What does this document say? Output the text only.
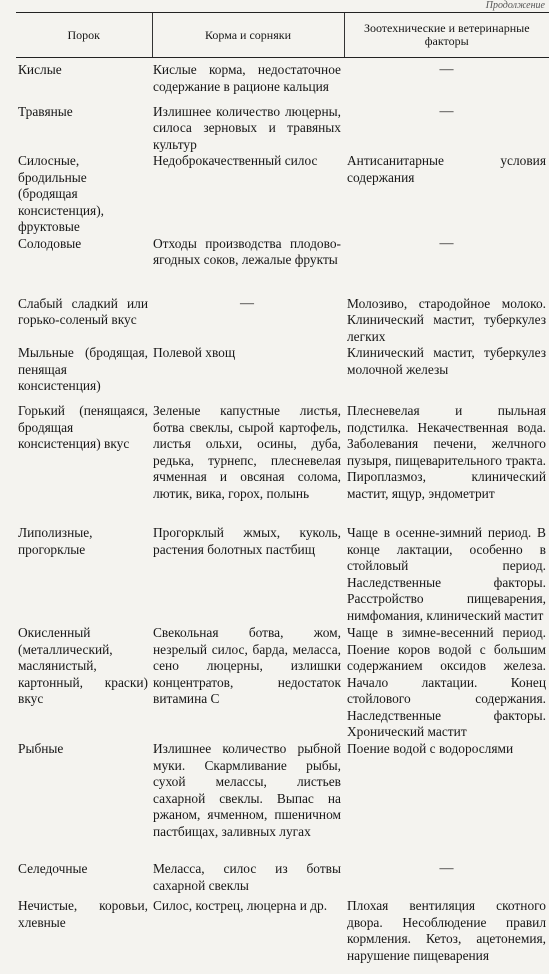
Продолжение
Порок	Корма и сорняки	Зоотехнические и ветеринарные факторы
Кислые	Кислые корма, недостаточное содержание в рационе кальция	—

Травяные	Излишнее количество люцерны, силоса зерновых и травяных культур	—

Силосные, бродильные (бродящая консистенция), фруктовые	Недоброкачественный силос	Антисанитарные условия содержания
Солодовые	Отходы производства плодово-ягодных соков, лежалые фрукты	—

Слабый сладкий или горько-соленый вкус	—	Молозиво, стародойное молоко. Клинический мастит, туберкулез легких
Мыльные (бродящая, пенящая консистенция)	Полевой хвощ	Клинический мастит, туберкулез молочной железы
Горький (пенящаяся, бродящая консистенция) вкус	Зеленые капустные листья, ботва свеклы, сырой картофель, листья ольхи, осины, дуба, редька, турнепс, плесневелая ячменная и овсяная солома, лютик, вика, горох, полынь	Плесневелая и пыльная подстилка. Некачественная вода. Заболевания печени, желчного пузыря, пищеварительного тракта. Пироплазмоз, клинический мастит, ящур, эндометрит
Липолизные, прогорклые	Прогорклый жмых, куколь, растения болотных пастбищ	Чаще в осенне-зимний период. В конце лактации, особенно в стойловый период. Наследственные факторы. Расстройство пищеварения, нимфомания, клинический мастит
Окисленный (металлический, маслянистый, картонный, краски) вкус	Свекольная ботва, жом, незрелый силос, барда, меласса, сено люцерны, излишки концентратов, недостаток витамина С	Чаще в зимне-весенний период. Поение коров водой с большим содержанием оксидов железа. Начало лактации. Конец стойлового содержания. Наследственные факторы. Хронический мастит
Рыбные	Излишнее количество рыбной муки. Скармливание рыбы, сухой мелассы, листьев сахарной свеклы. Выпас на ржаном, ячменном, пшеничном пастбищах, заливных лугах	Поение водой с водорослями
Селедочные	Меласса, силос из ботвы сахарной свеклы	—

Нечистые, коровьи, хлевные	Силос, кострец, люцерна и др.	Плохая вентиляция скотного двора. Несоблюдение правил кормления. Кетоз, ацетонемия, нарушение пищеварения
